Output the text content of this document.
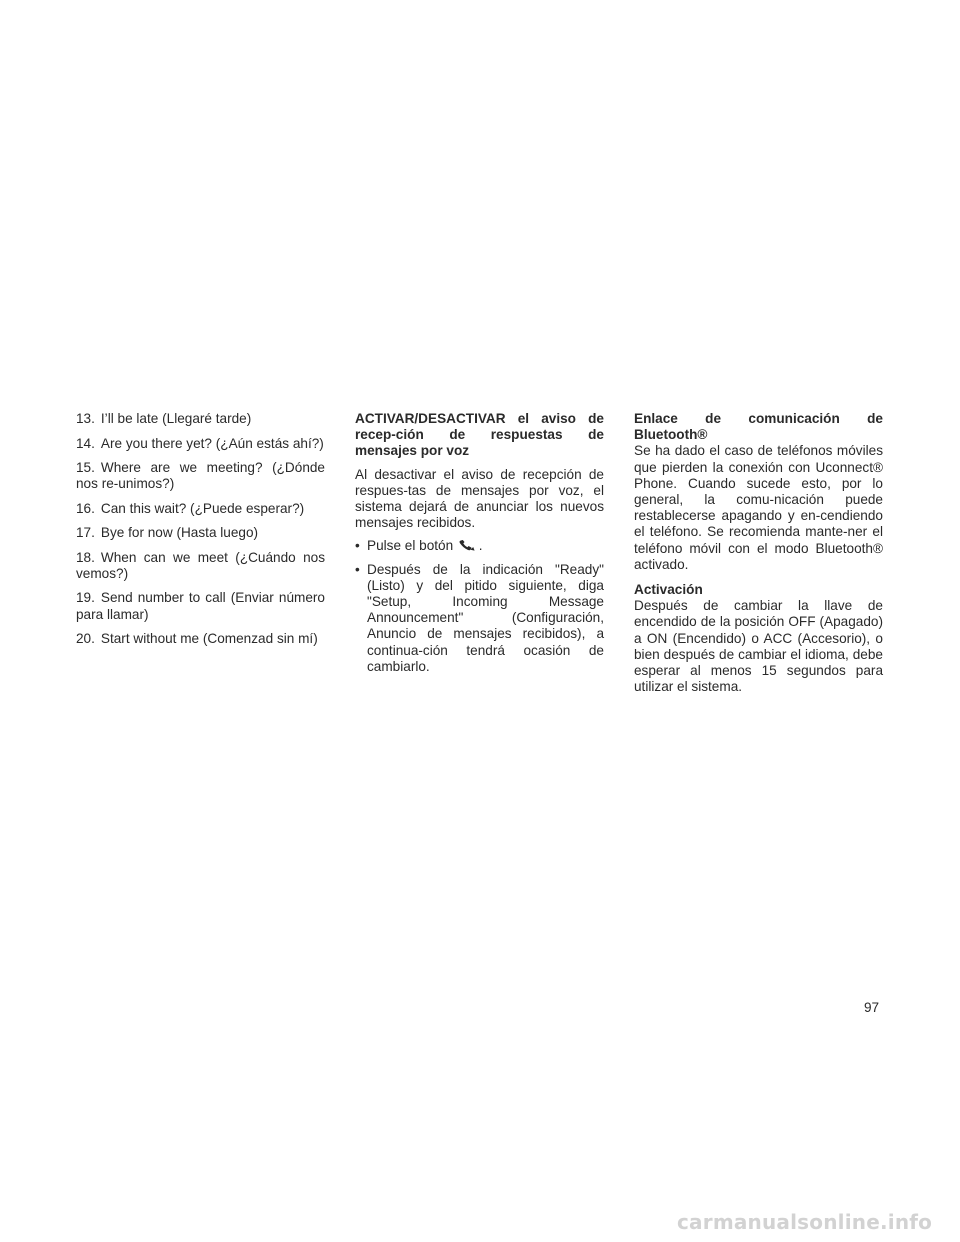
13. I’ll be late (Llegaré tarde)
14. Are you there yet? (¿Aún estás ahí?)
15. Where are we meeting? (¿Dónde nos re-unimos?)
16. Can this wait? (¿Puede esperar?)
17. Bye for now (Hasta luego)
18. When can we meet (¿Cuándo nos vemos?)
19. Send number to call (Enviar número para llamar)
20. Start without me (Comenzad sin mí)

ACTIVAR/DESACTIVAR el aviso de recep-ción de respuestas de mensajes por voz

Al desactivar el aviso de recepción de respues-tas de mensajes por voz, el sistema dejará de anunciar los nuevos mensajes recibidos.

• Pulse el botón .
• Después de la indicación "Ready" (Listo) y del pitido siguiente, diga "Setup, Incoming Message Announcement" (Configuración, Anuncio de mensajes recibidos), a continua-ción tendrá ocasión de cambiarlo.

Enlace de comunicación de Bluetooth®

Se ha dado el caso de teléfonos móviles que pierden la conexión con Uconnect® Phone. Cuando sucede esto, por lo general, la comu-nicación puede restablecerse apagando y en-cendiendo el teléfono. Se recomienda mante-ner el teléfono móvil con el modo Bluetooth® activado.

Activación

Después de cambiar la llave de encendido de la posición OFF (Apagado) a ON (Encendido) o ACC (Accesorio), o bien después de cambiar el idioma, debe esperar al menos 15 segundos para utilizar el sistema.

97
carmanualsonline.info
